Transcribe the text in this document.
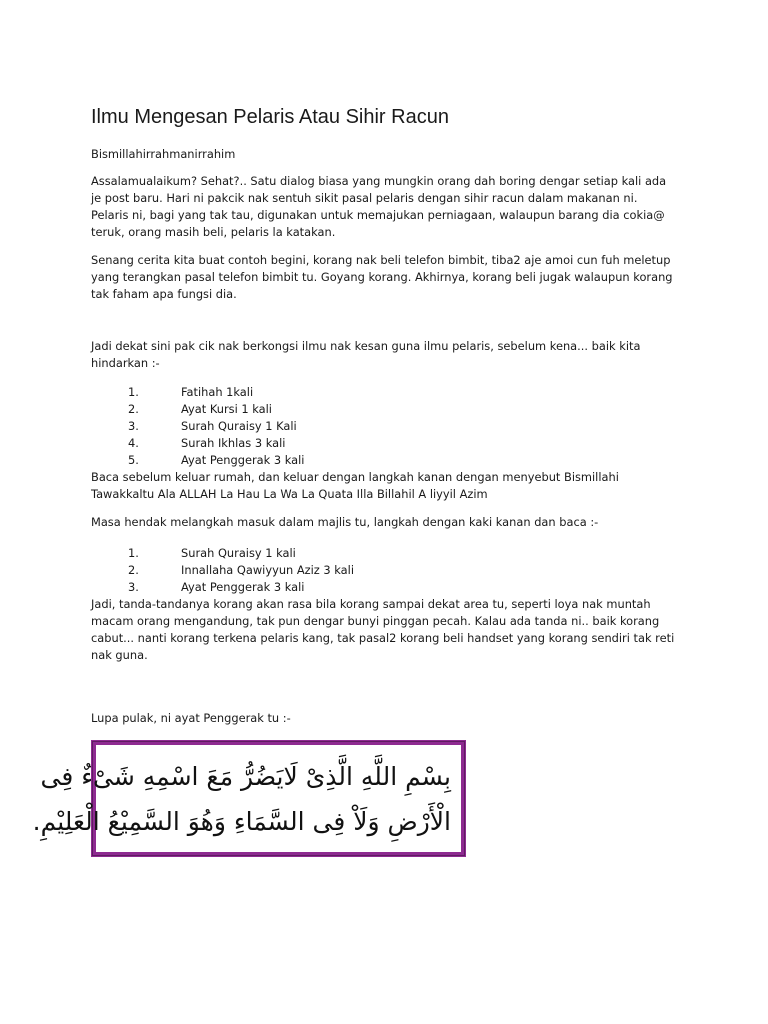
Ilmu Mengesan Pelaris Atau Sihir Racun

Bismillahirrahmanirrahim

Assalamualaikum? Sehat?.. Satu dialog biasa yang mungkin orang dah boring dengar setiap kali ada
je post baru. Hari ni pakcik nak sentuh sikit pasal pelaris dengan sihir racun dalam makanan ni.
Pelaris ni, bagi yang tak tau, digunakan untuk memajukan perniagaan, walaupun barang dia cokia@
teruk, orang masih beli, pelaris la katakan.

Senang cerita kita buat contoh begini, korang nak beli telefon bimbit, tiba2 aje amoi cun fuh meletup
yang terangkan pasal telefon bimbit tu. Goyang korang. Akhirnya, korang beli jugak walaupun korang
tak faham apa fungsi dia.

Jadi dekat sini pak cik nak berkongsi ilmu nak kesan guna ilmu pelaris, sebelum kena... baik kita
hindarkan :-

1.	Fatihah 1kali
2.	Ayat Kursi 1 kali
3.	Surah Quraisy 1 Kali
4.	Surah Ikhlas 3 kali
5.	Ayat Penggerak 3 kali

Baca sebelum keluar rumah, dan keluar dengan langkah kanan dengan menyebut Bismillahi
Tawakkaltu Ala ALLAH La Hau La Wa La Quata Illa Billahil A liyyil Azim

Masa hendak melangkah masuk dalam majlis tu, langkah dengan kaki kanan dan baca :-

1.	Surah Quraisy 1 kali
2.	Innallaha Qawiyyun Aziz 3 kali
3.	Ayat Penggerak 3 kali

Jadi, tanda-tandanya korang akan rasa bila korang sampai dekat area tu, seperti loya nak muntah
macam orang mengandung, tak pun dengar bunyi pinggan pecah. Kalau ada tanda ni.. baik korang
cabut... nanti korang terkena pelaris kang, tak pasal2 korang beli handset yang korang sendiri tak reti
nak guna.

Lupa pulak, ni ayat Penggerak tu :-

بِسْمِ اللَّهِ الَّذِىْ لَايَضُرُّ مَعَ اسْمِهِ شَىْءٌ فِى

الْأَرْضِ وَلَاْ فِى السَّمَاءِ وَهُوَ السَّمِيْعُ الْعَلِيْمِ.
